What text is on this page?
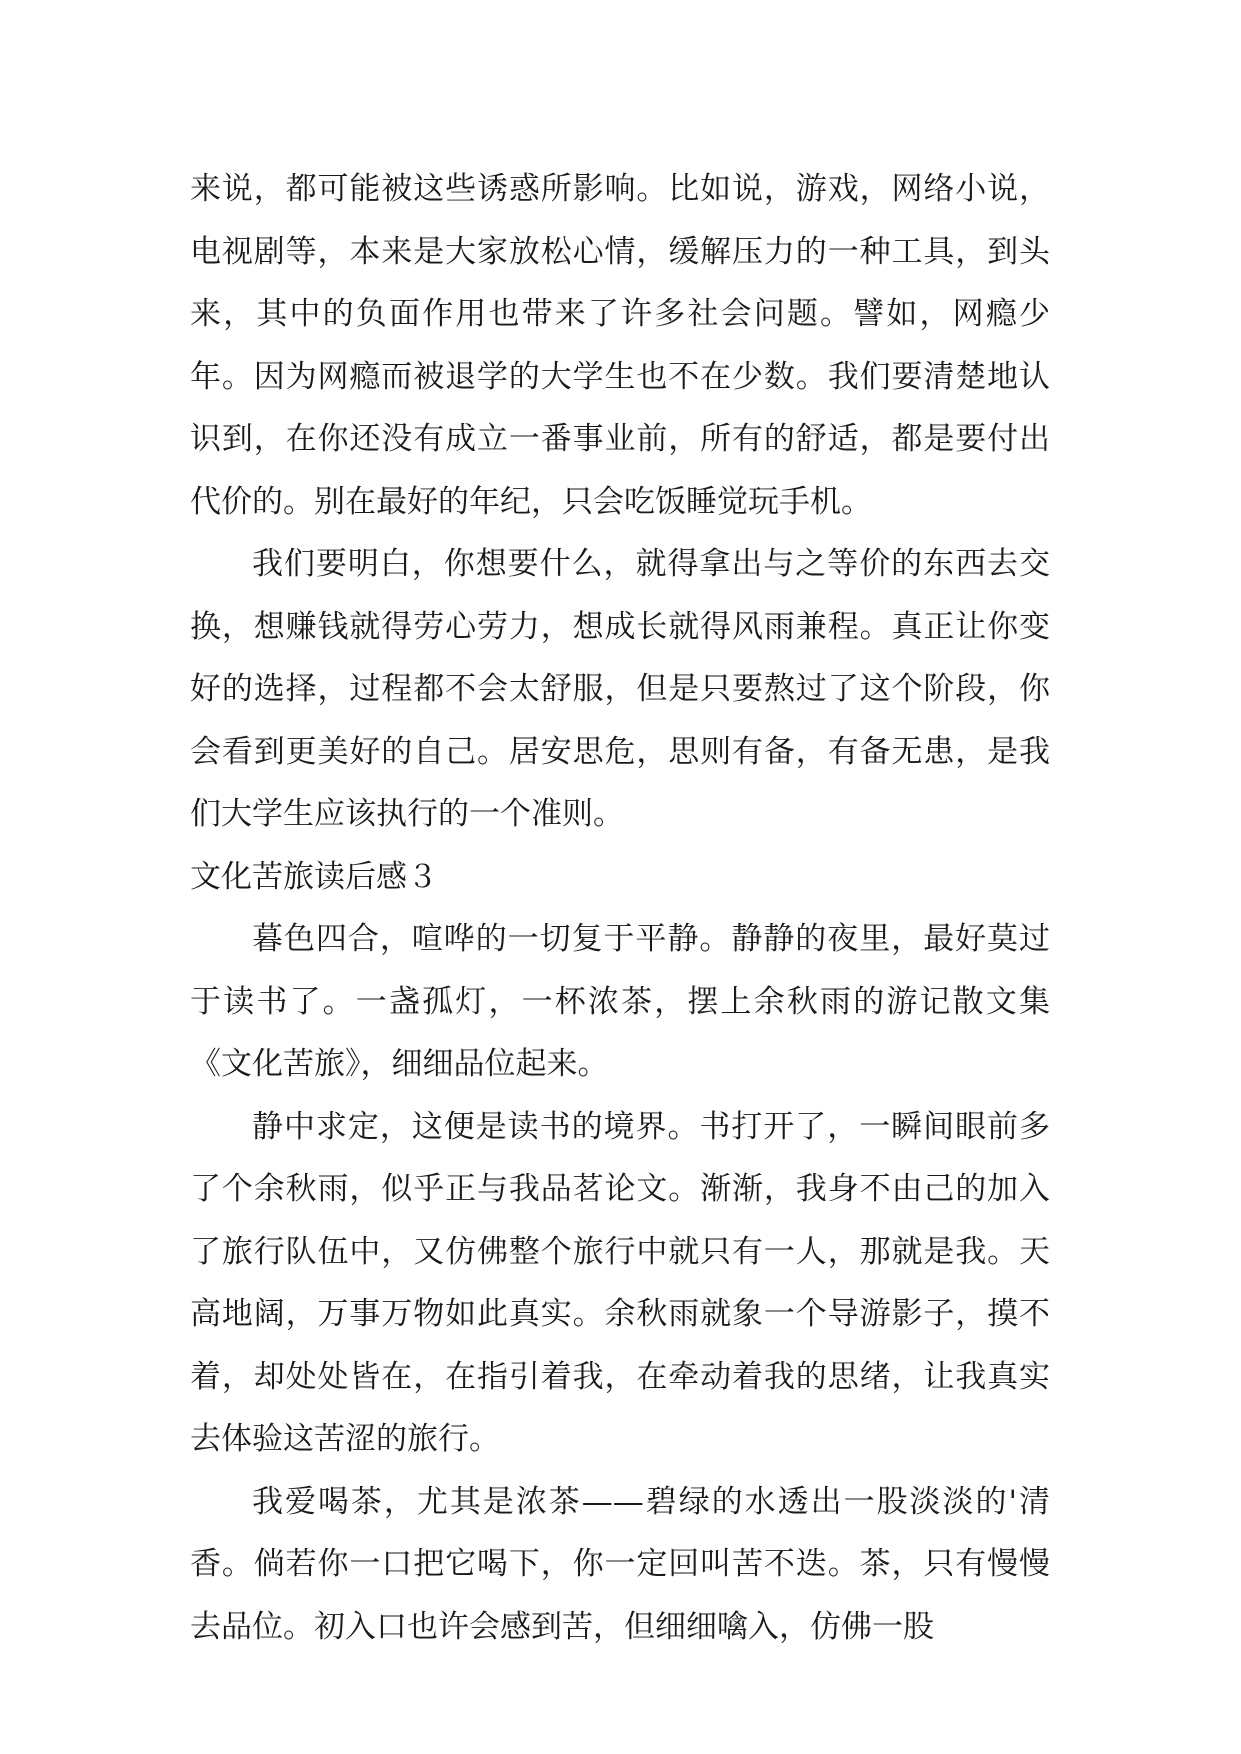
来说，都可能被这些诱惑所影响。比如说，游戏，网络小说，电视剧等，本来是大家放松心情，缓解压力的一种工具，到头来，其中的负面作用也带来了许多社会问题。譬如，网瘾少年。因为网瘾而被退学的大学生也不在少数。我们要清楚地认识到，在你还没有成立一番事业前，所有的舒适，都是要付出代价的。别在最好的年纪，只会吃饭睡觉玩手机。

我们要明白，你想要什么，就得拿出与之等价的东西去交换，想赚钱就得劳心劳力，想成长就得风雨兼程。真正让你变好的选择，过程都不会太舒服，但是只要熬过了这个阶段，你会看到更美好的自己。居安思危，思则有备，有备无患，是我们大学生应该执行的一个准则。

文化苦旅读后感３

暮色四合，喧哗的一切复于平静。静静的夜里，最好莫过于读书了。一盏孤灯，一杯浓茶，摆上余秋雨的游记散文集《文化苦旅》，细细品位起来。

静中求定，这便是读书的境界。书打开了，一瞬间眼前多了个余秋雨，似乎正与我品茗论文。渐渐，我身不由己的加入了旅行队伍中，又仿佛整个旅行中就只有一人，那就是我。天高地阔，万事万物如此真实。余秋雨就象一个导游影子，摸不着，却处处皆在，在指引着我，在牵动着我的思绪，让我真实去体验这苦涩的旅行。

我爱喝茶，尤其是浓茶——碧绿的水透出一股淡淡的'清香。倘若你一口把它喝下，你一定回叫苦不迭。茶，只有慢慢去品位。初入口也许会感到苦，但细细噙入，仿佛一股
